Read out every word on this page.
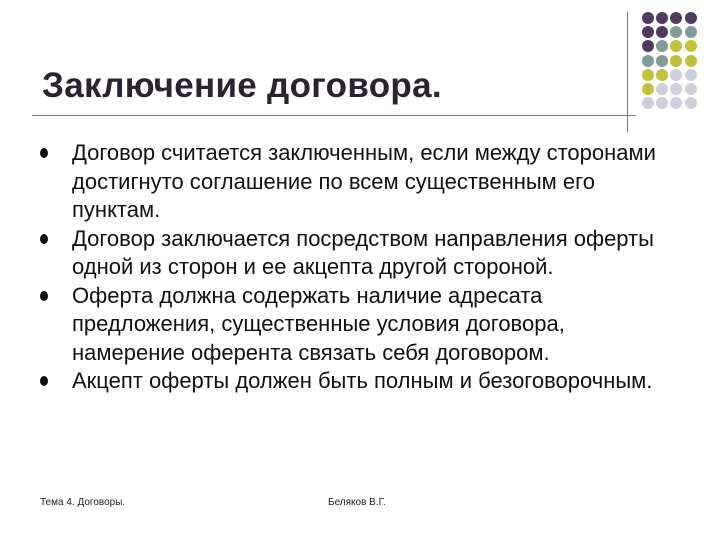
Заключение договора.
Договор считается заключенным, если между сторонами достигнуто соглашение по всем существенным его пунктам.
Договор заключается посредством направления оферты одной из сторон и ее акцепта другой стороной.
Оферта должна содержать наличие адресата предложения, существенные условия договора, намерение оферента связать себя договором.
Акцепт оферты должен быть полным и безоговорочным.
Тема 4. Договоры.	Беляков В.Г.
